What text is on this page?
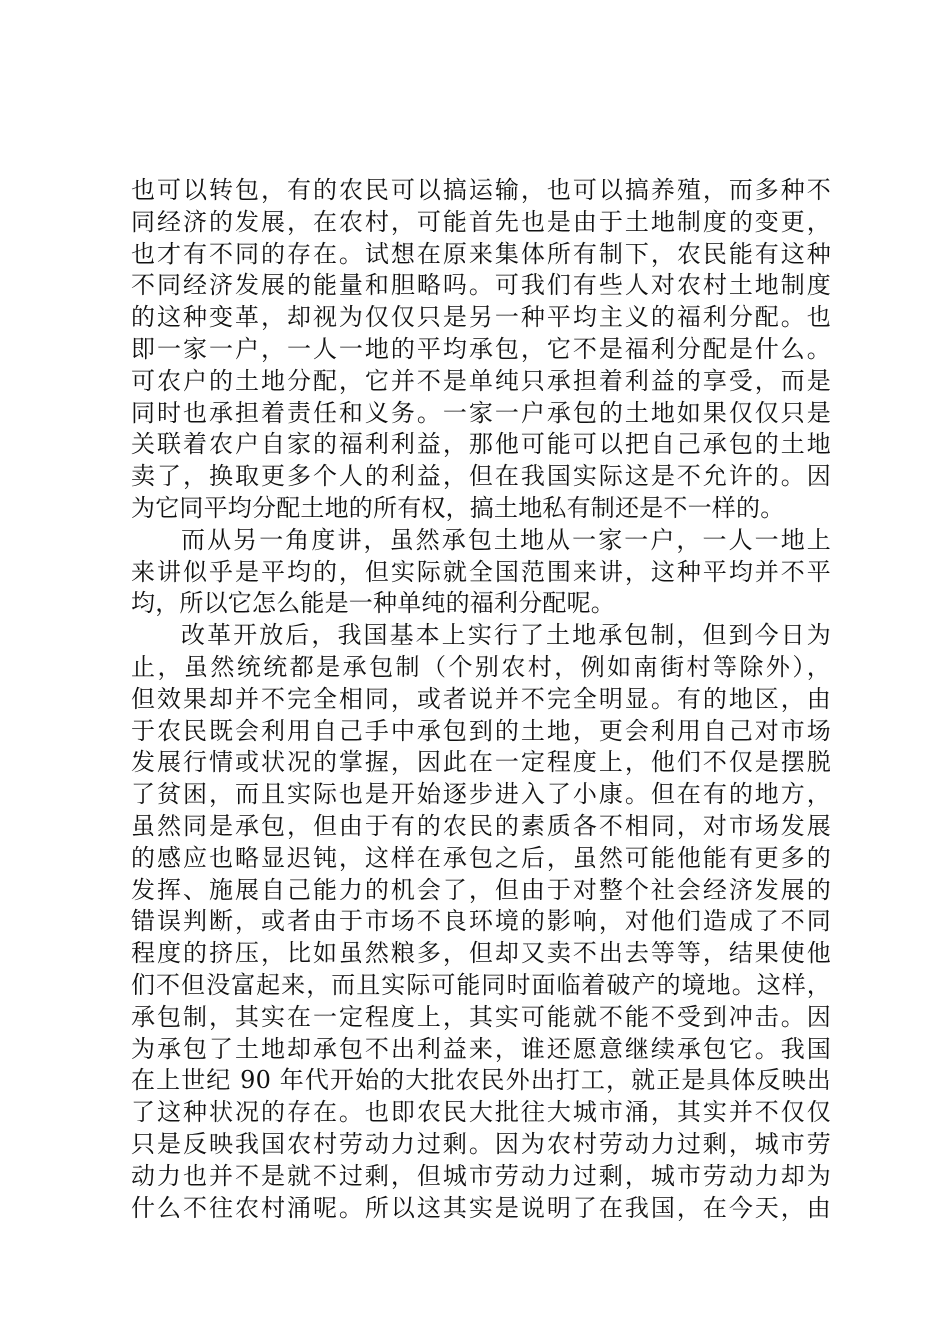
也可以转包，有的农民可以搞运输，也可以搞养殖，而多种不
同经济的发展，在农村，可能首先也是由于土地制度的变更，
也才有不同的存在。试想在原来集体所有制下，农民能有这种
不同经济发展的能量和胆略吗。可我们有些人对农村土地制度
的这种变革，却视为仅仅只是另一种平均主义的福利分配。也
即一家一户，一人一地的平均承包，它不是福利分配是什么。
可农户的土地分配，它并不是单纯只承担着利益的享受，而是
同时也承担着责任和义务。一家一户承包的土地如果仅仅只是
关联着农户自家的福利利益，那他可能可以把自己承包的土地
卖了，换取更多个人的利益，但在我国实际这是不允许的。因
为它同平均分配土地的所有权，搞土地私有制还是不一样的。
而从另一角度讲，虽然承包土地从一家一户，一人一地上
来讲似乎是平均的，但实际就全国范围来讲，这种平均并不平
均，所以它怎么能是一种单纯的福利分配呢。
改革开放后，我国基本上实行了土地承包制，但到今日为
止，虽然统统都是承包制（个别农村，例如南街村等除外），
但效果却并不完全相同，或者说并不完全明显。有的地区，由
于农民既会利用自己手中承包到的土地，更会利用自己对市场
发展行情或状况的掌握，因此在一定程度上，他们不仅是摆脱
了贫困，而且实际也是开始逐步进入了小康。但在有的地方，
虽然同是承包，但由于有的农民的素质各不相同，对市场发展
的感应也略显迟钝，这样在承包之后，虽然可能他能有更多的
发挥、施展自己能力的机会了，但由于对整个社会经济发展的
错误判断，或者由于市场不良环境的影响，对他们造成了不同
程度的挤压，比如虽然粮多，但却又卖不出去等等，结果使他
们不但没富起来，而且实际可能同时面临着破产的境地。这样，
承包制，其实在一定程度上，其实可能就不能不受到冲击。因
为承包了土地却承包不出利益来，谁还愿意继续承包它。我国
在上世纪 90 年代开始的大批农民外出打工，就正是具体反映出
了这种状况的存在。也即农民大批往大城市涌，其实并不仅仅
只是反映我国农村劳动力过剩。因为农村劳动力过剩，城市劳
动力也并不是就不过剩，但城市劳动力过剩，城市劳动力却为
什么不往农村涌呢。所以这其实是说明了在我国，在今天，由
